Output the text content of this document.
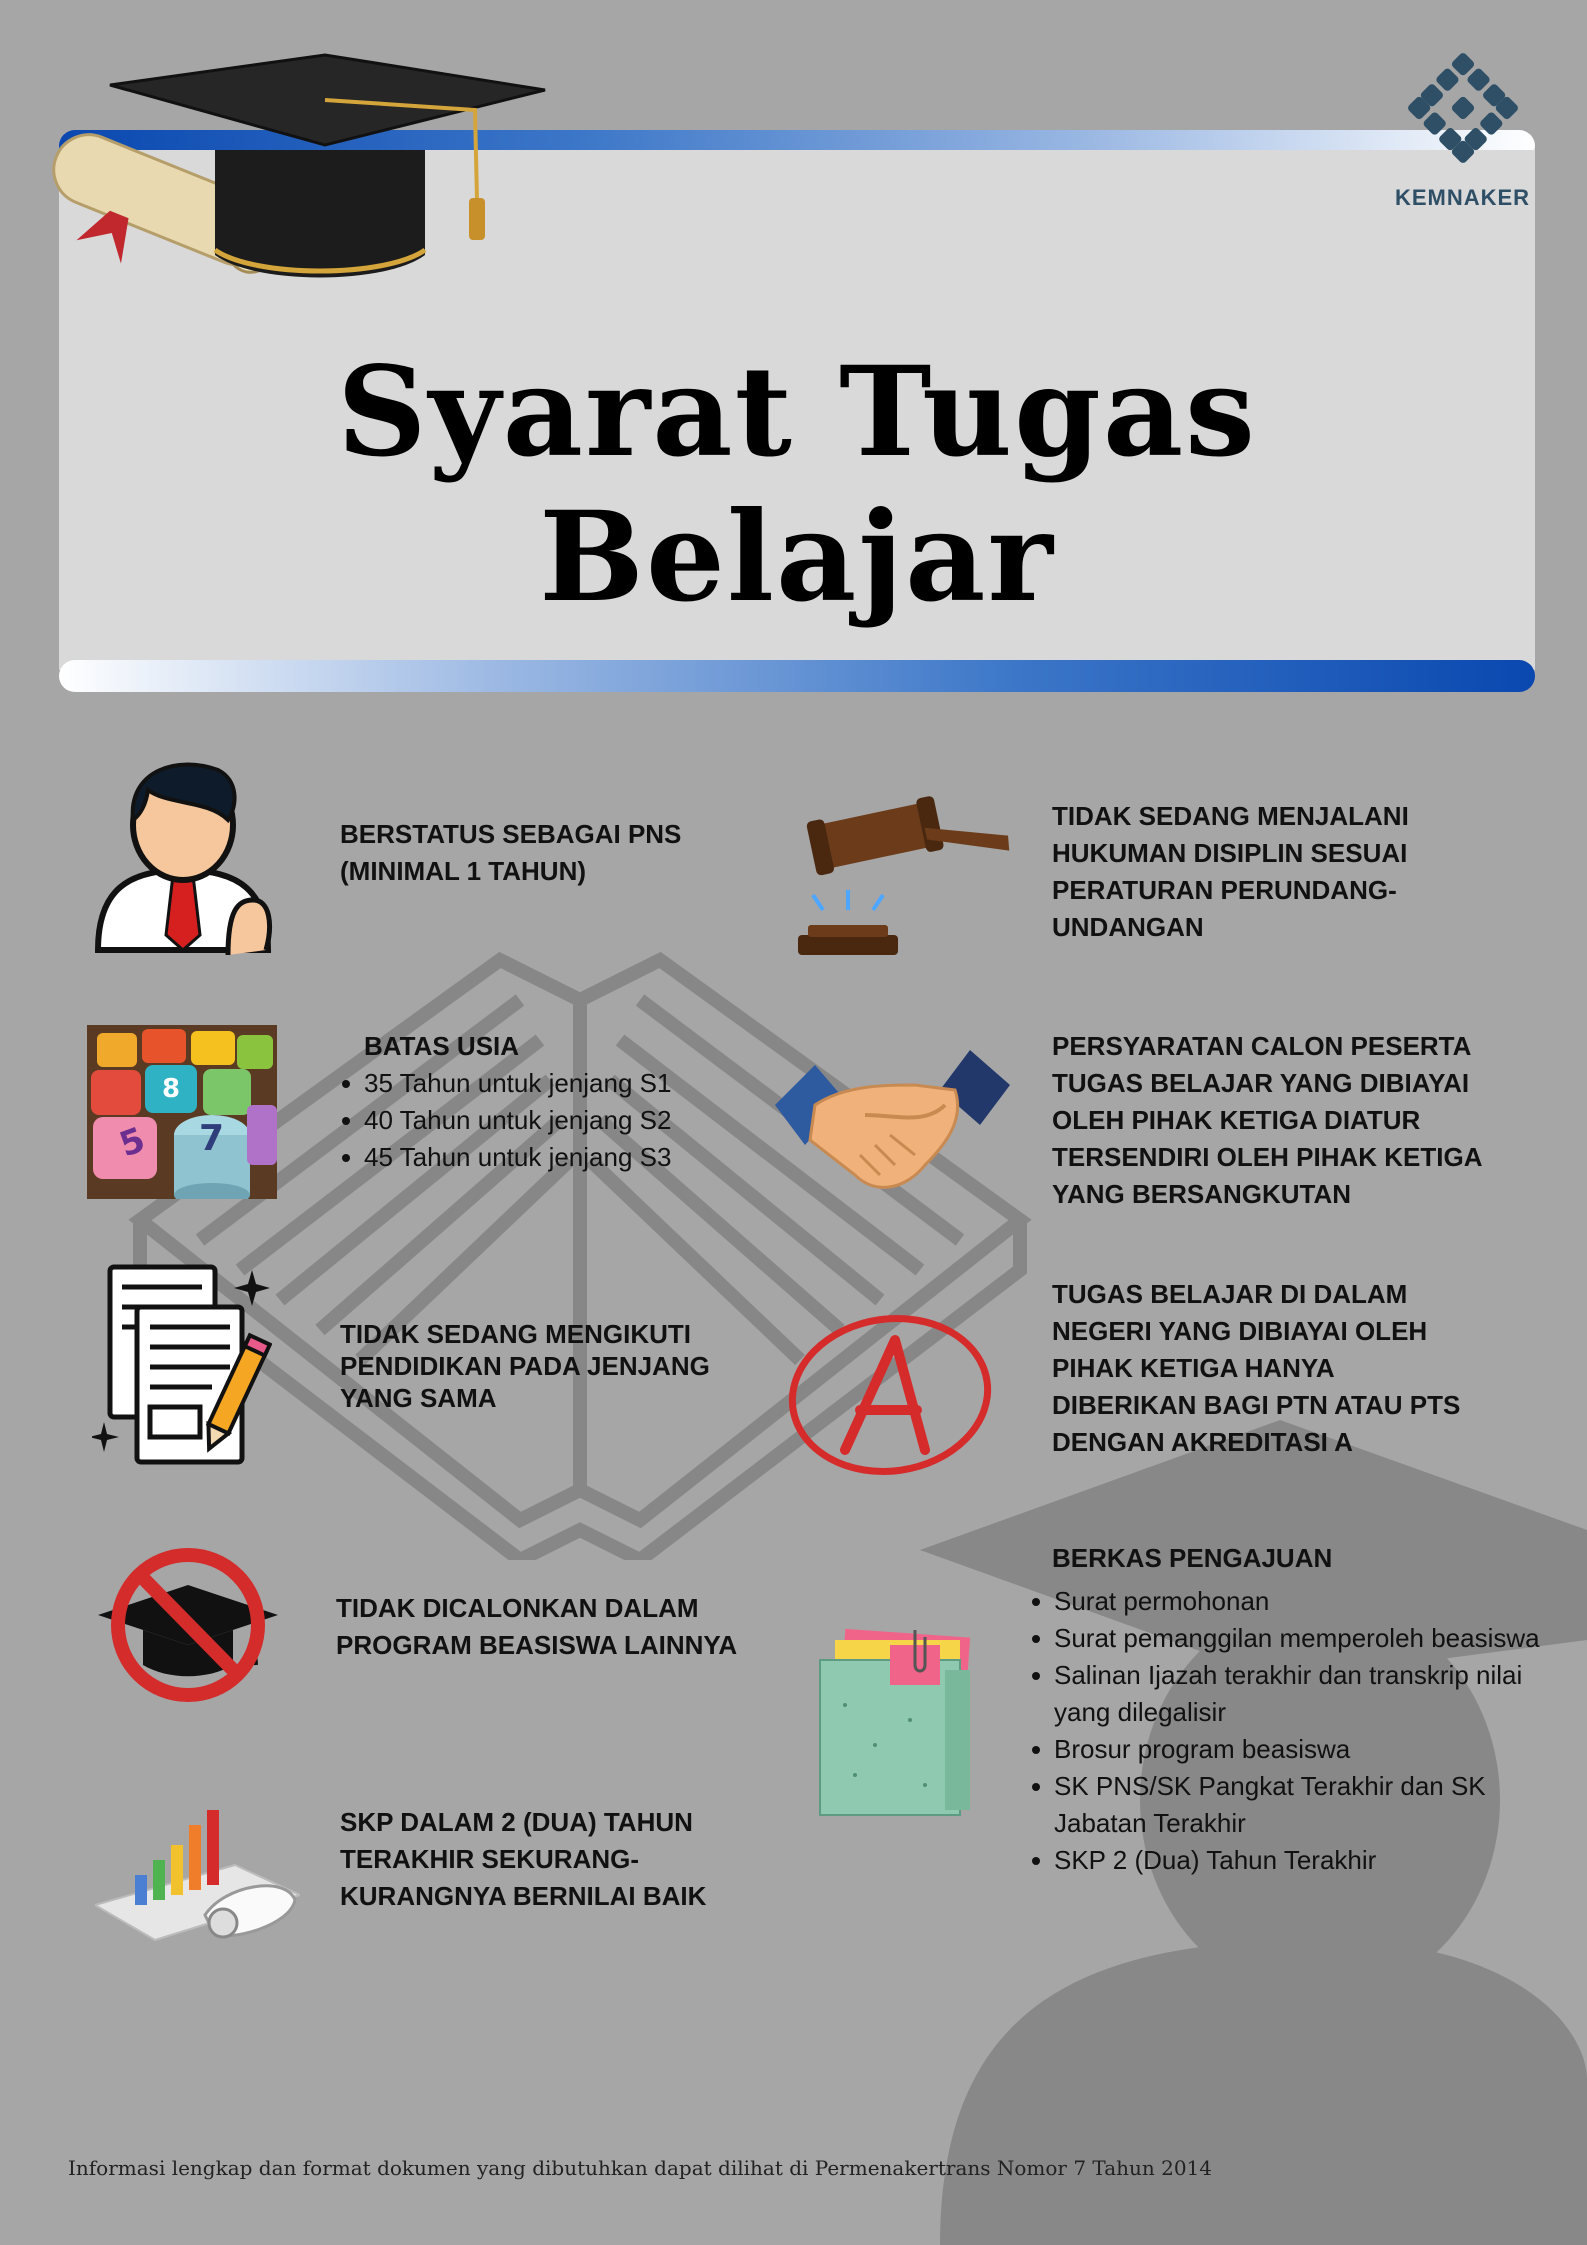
KEMNAKER
Syarat Tugas Belajar
BERSTATUS SEBAGAI PNS
(MINIMAL 1 TAHUN)
5 7
8
BATAS USIA
35 Tahun untuk jenjang S1
40 Tahun untuk jenjang S2
45 Tahun untuk jenjang S3
TIDAK SEDANG MENGIKUTI
PENDIDIKAN PADA JENJANG
YANG SAMA
TIDAK DICALONKAN DALAM
PROGRAM BEASISWA LAINNYA
SKP DALAM 2 (DUA) TAHUN
TERAKHIR SEKURANG-
KURANGNYA BERNILAI BAIK
TIDAK SEDANG MENJALANI
HUKUMAN DISIPLIN SESUAI
PERATURAN PERUNDANG-
UNDANGAN
PERSYARATAN CALON PESERTA
TUGAS BELAJAR YANG DIBIAYAI
OLEH PIHAK KETIGA DIATUR
TERSENDIRI OLEH PIHAK KETIGA
YANG BERSANGKUTAN
TUGAS BELAJAR DI DALAM
NEGERI YANG DIBIAYAI OLEH
PIHAK KETIGA HANYA
DIBERIKAN BAGI PTN ATAU PTS
DENGAN AKREDITASI A
BERKAS PENGAJUAN
Surat permohonan
Surat pemanggilan memperoleh beasiswa
Salinan Ijazah terakhir dan transkrip nilai yang dilegalisir
Brosur program beasiswa
SK PNS/SK Pangkat Terakhir dan SK Jabatan Terakhir
SKP 2 (Dua) Tahun Terakhir
Informasi lengkap dan format dokumen yang dibutuhkan dapat dilihat di Permenakertrans Nomor 7 Tahun 2014
